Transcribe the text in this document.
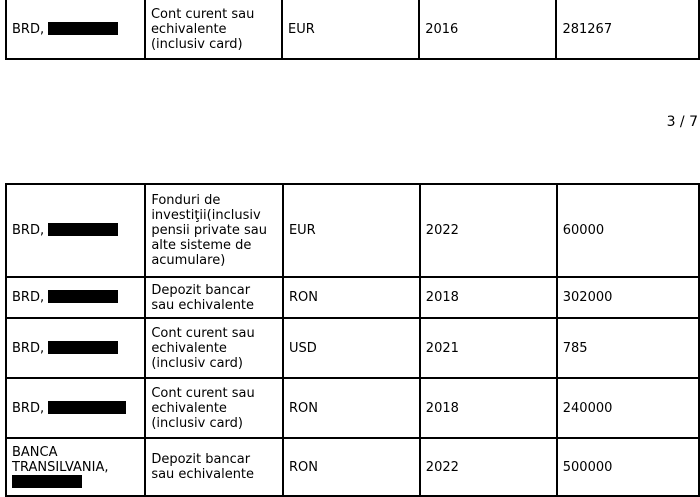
BRD,	Cont curent sau echivalente (inclusiv card)	EUR	2016	281267
3 / 7
BRD,	Fonduri de investiţii(inclusiv pensii private sau alte sisteme de acumulare)	EUR	2022	60000
BRD,	Depozit bancar sau echivalente	RON	2018	302000
BRD,	Cont curent sau echivalente (inclusiv card)	USD	2021	785
BRD,	Cont curent sau echivalente (inclusiv card)	RON	2018	240000
BANCA TRANSILVANIA,	Depozit bancar sau echivalente	RON	2022	500000
